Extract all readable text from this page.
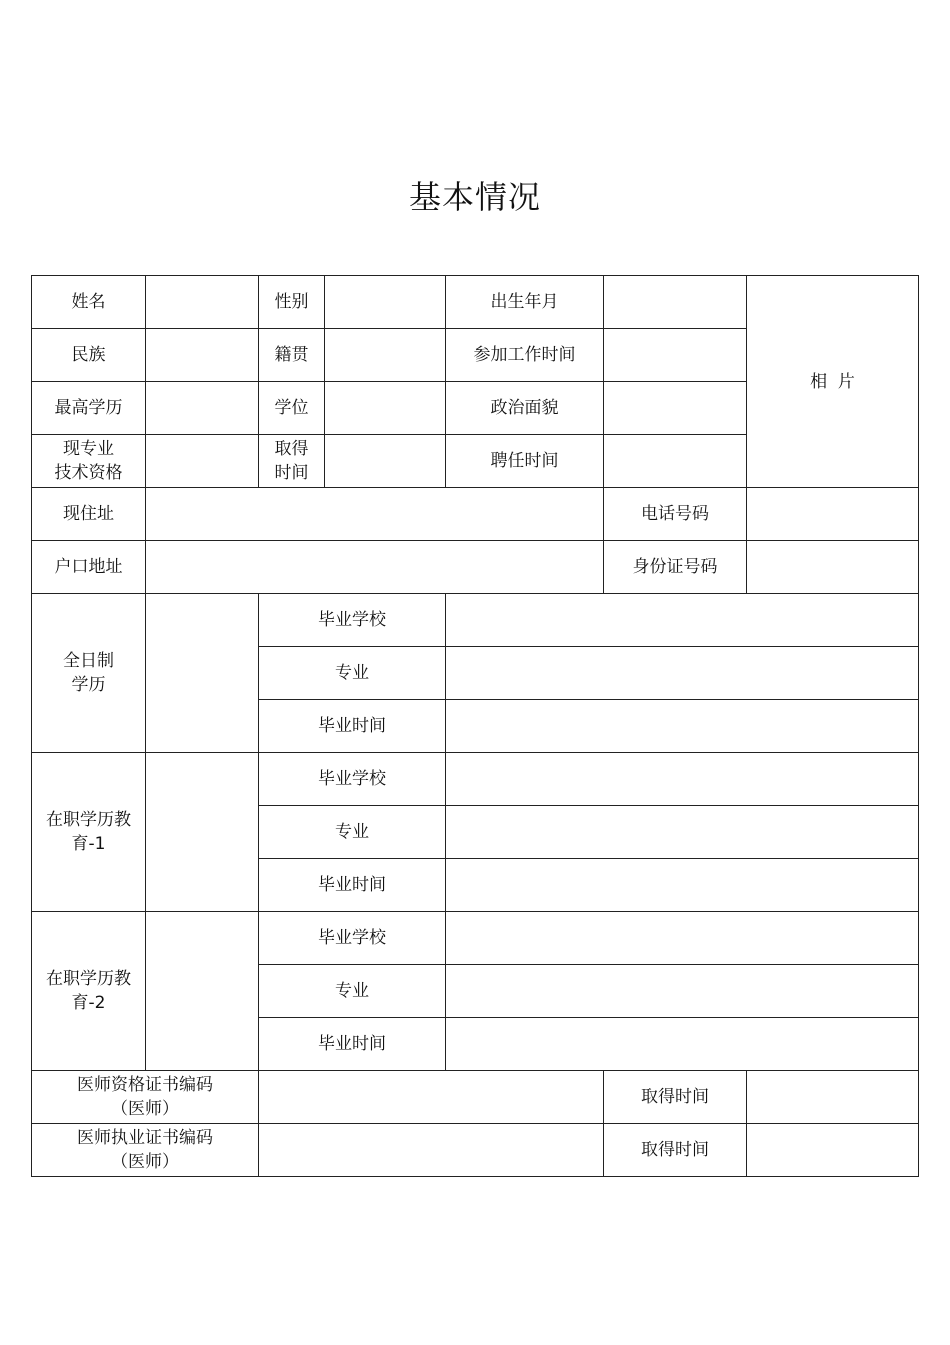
基本情况
姓名		性别		出生年月		相  片
民族		籍贯		参加工作时间		
最高学历		学位		政治面貌		
现专业
技术资格		取得
时间		聘任时间		
现住址					电话号码	
户口地址					身份证号码	
全日制
学历		毕业学校				
		专业				
		毕业时间				
在职学历教
育-1		毕业学校				
		专业				
		毕业时间				
在职学历教
育-2		毕业学校				
		专业				
		毕业时间				
医师资格证书编码
（医师）					取得时间	
医师执业证书编码
（医师）					取得时间	
